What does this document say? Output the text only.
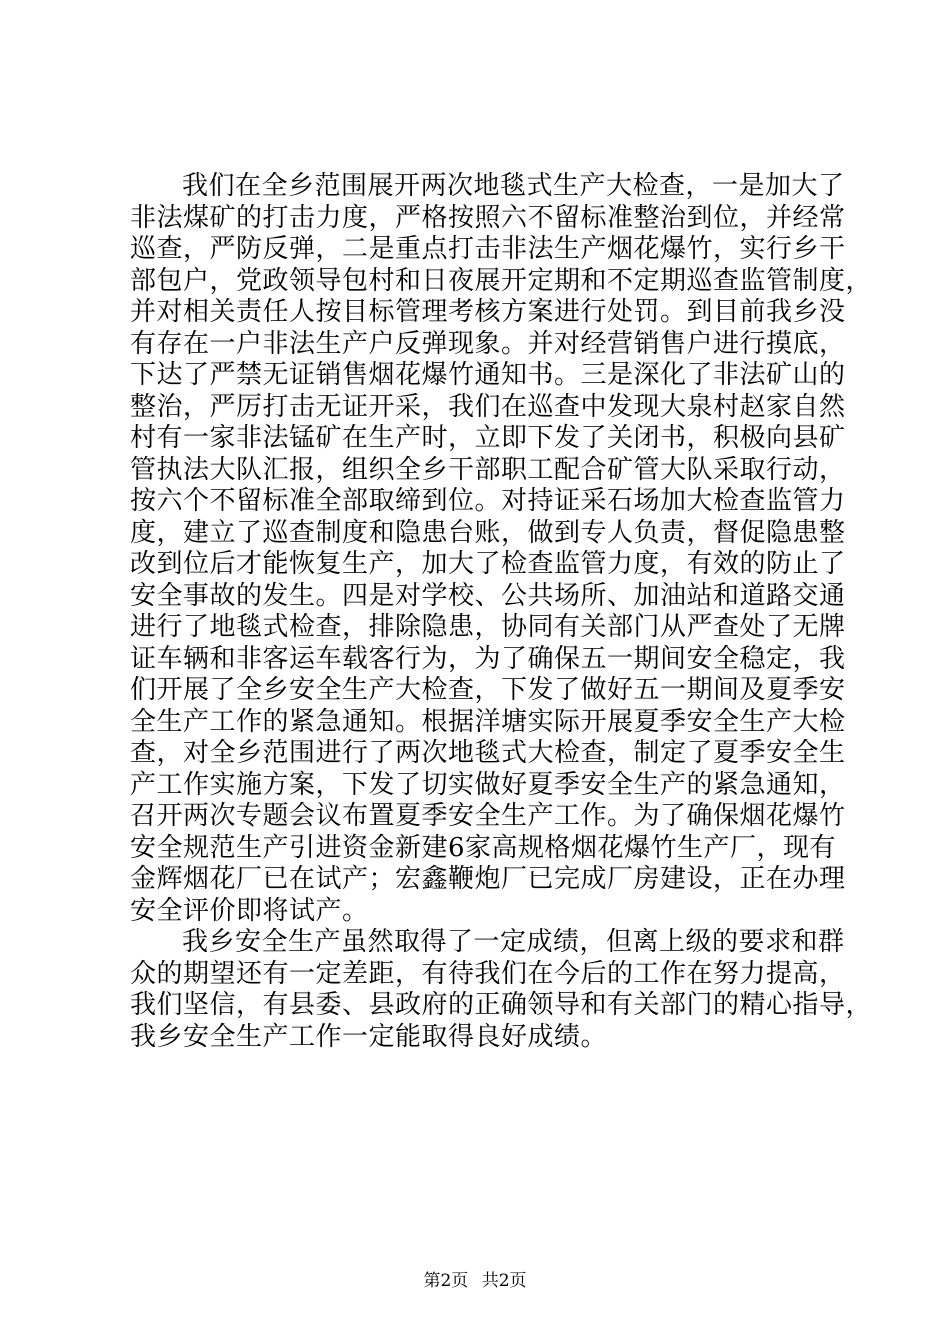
我们在全乡范围展开两次地毯式生产大检查，一是加大了
非法煤矿的打击力度，严格按照六不留标准整治到位，并经常
巡查，严防反弹，二是重点打击非法生产烟花爆竹，实行乡干
部包户，党政领导包村和日夜展开定期和不定期巡查监管制度，
并对相关责任人按目标管理考核方案进行处罚。到目前我乡没
有存在一户非法生产户反弹现象。并对经营销售户进行摸底，
下达了严禁无证销售烟花爆竹通知书。三是深化了非法矿山的
整治，严厉打击无证开采，我们在巡查中发现大泉村赵家自然
村有一家非法锰矿在生产时，立即下发了关闭书，积极向县矿
管执法大队汇报，组织全乡干部职工配合矿管大队采取行动，
按六个不留标准全部取缔到位。对持证采石场加大检查监管力
度，建立了巡查制度和隐患台账，做到专人负责，督促隐患整
改到位后才能恢复生产，加大了检查监管力度，有效的防止了
安全事故的发生。四是对学校、公共场所、加油站和道路交通
进行了地毯式检查，排除隐患，协同有关部门从严查处了无牌
证车辆和非客运车载客行为，为了确保五一期间安全稳定，我
们开展了全乡安全生产大检查，下发了做好五一期间及夏季安
全生产工作的紧急通知。根据洋塘实际开展夏季安全生产大检
查，对全乡范围进行了两次地毯式大检查，制定了夏季安全生
产工作实施方案，下发了切实做好夏季安全生产的紧急通知，
召开两次专题会议布置夏季安全生产工作。为了确保烟花爆竹
安全规范生产引进资金新建6家高规格烟花爆竹生产厂，现有
金辉烟花厂已在试产；宏鑫鞭炮厂已完成厂房建设，正在办理
安全评价即将试产。
我乡安全生产虽然取得了一定成绩，但离上级的要求和群
众的期望还有一定差距，有待我们在今后的工作在努力提高，
我们坚信，有县委、县政府的正确领导和有关部门的精心指导，
我乡安全生产工作一定能取得良好成绩。
第2页 共2页
